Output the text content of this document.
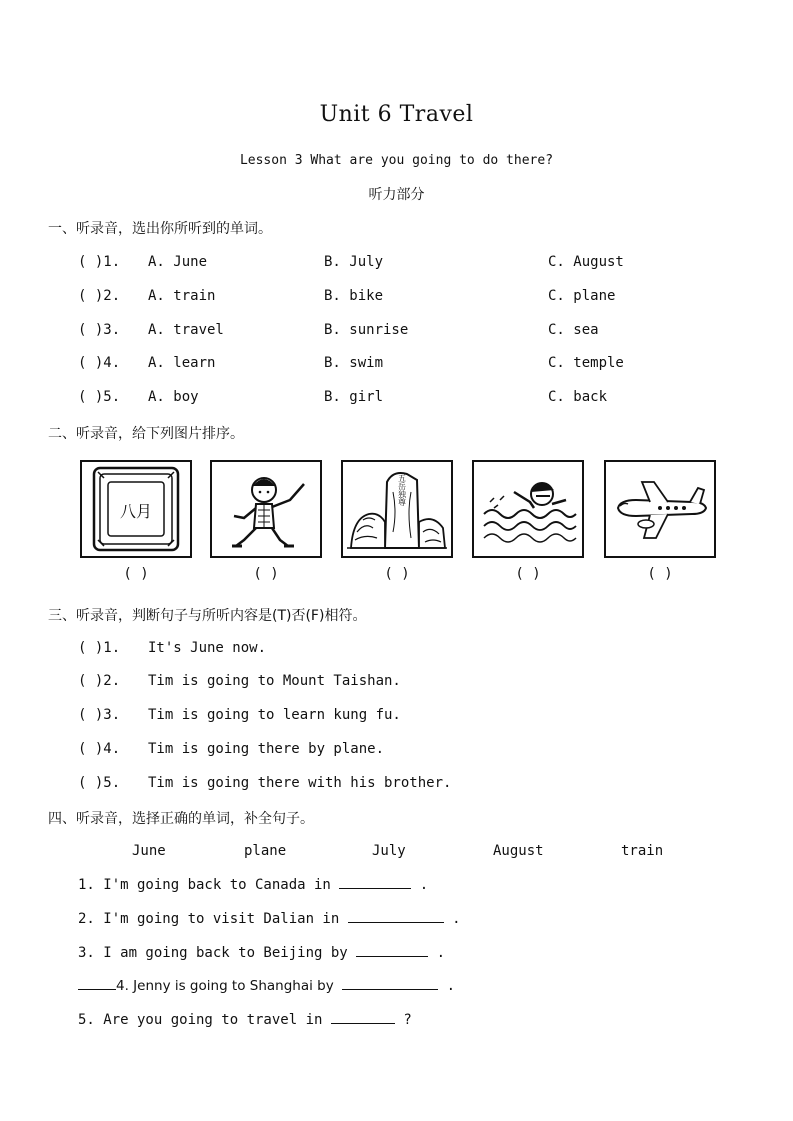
Unit 6 Travel
Lesson 3 What are you going to do there?
听力部分
一、听录音，选出你所听到的单词。
( )1. A. June	B. July	C. August
( )2. A. train	B. bike	C. plane
( )3. A. travel	B. sunrise	C. sea
( )4. A. learn	B. swim	C. temple
( )5. A. boy	B. girl	C. back
二、听录音，给下列图片排序。
八月
五岳独尊
( )	( )	( )	( )	( )
三、听录音，判断句子与所听内容是(T)否(F)相符。
( )1. It's June now.
( )2. Tim is going to Mount Taishan.
( )3. Tim is going to learn kung fu.
( )4. Tim is going there by plane.
( )5. Tim is going there with his brother.
四、听录音，选择正确的单词，补全句子。
June	plane	July	August	train
1. I'm going back to Canada in	.
2. I'm going to visit Dalian in	.
3. I am going back to Beijing by	.
4. Jenny is going to Shanghai by	.
5. Are you going to travel in	?
